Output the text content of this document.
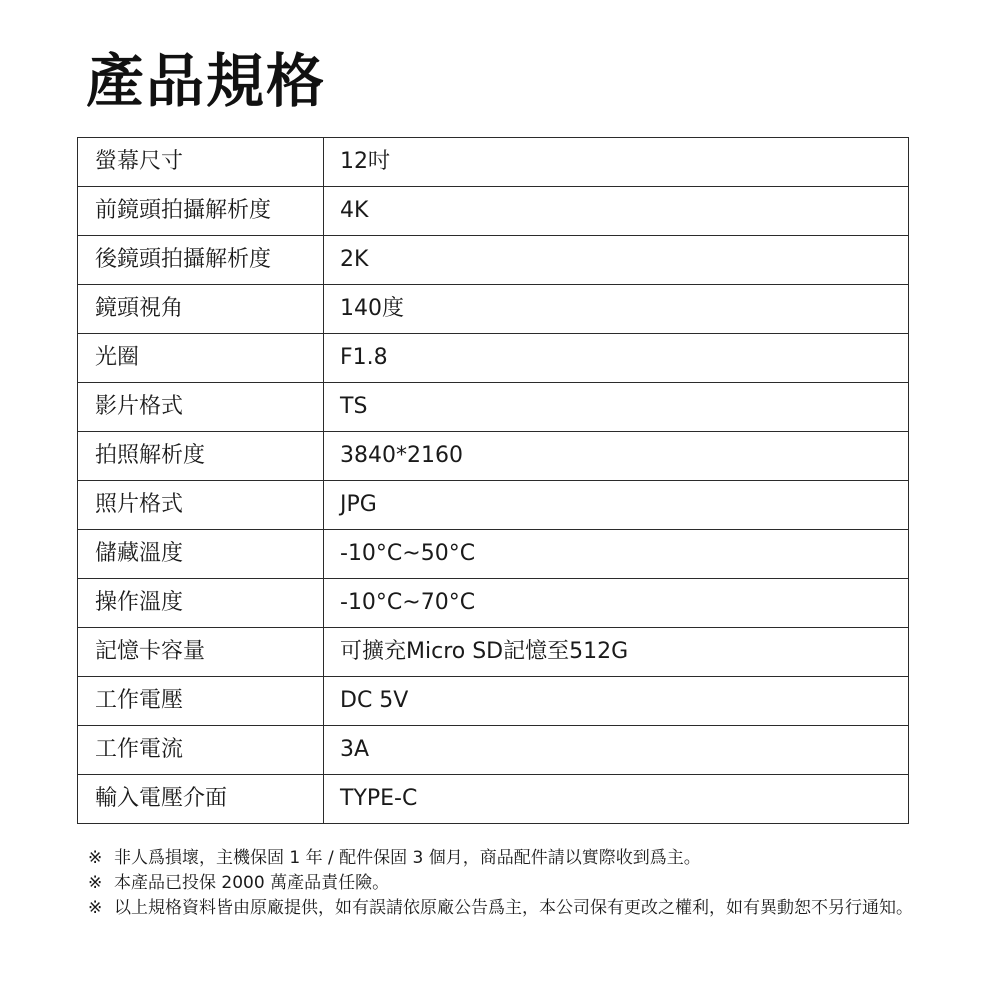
產品規格
螢幕尺寸	12吋
前鏡頭拍攝解析度	4K
後鏡頭拍攝解析度	2K
鏡頭視角	140度
光圈	F1.8
影片格式	TS
拍照解析度	3840*2160
照片格式	JPG
儲藏溫度	-10°C~50°C
操作溫度	-10°C~70°C
記憶卡容量	可擴充Micro SD記憶至512G
工作電壓	DC 5V
工作電流	3A
輸入電壓介面	TYPE-C
※ 非人爲損壞，主機保固 1 年 / 配件保固 3 個月，商品配件請以實際收到爲主。
※ 本產品已投保 2000 萬產品責任險。
※ 以上規格資料皆由原廠提供，如有誤請依原廠公告爲主，本公司保有更改之權利，如有異動恕不另行通知。
